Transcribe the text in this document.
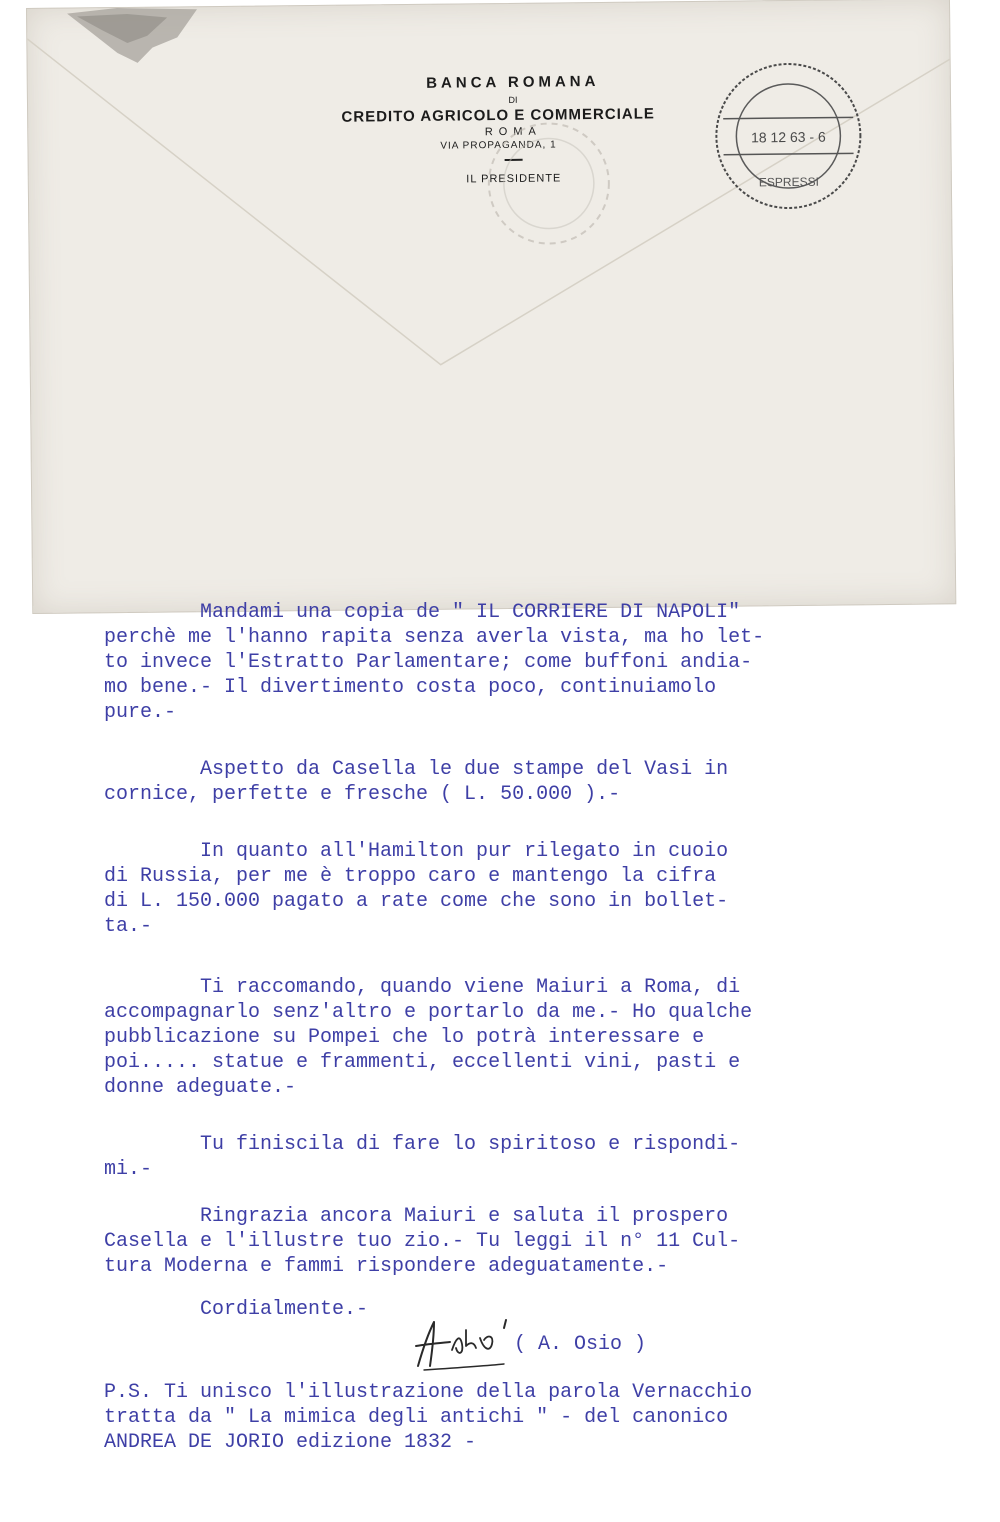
BANCA ROMANA
DI
CREDITO AGRICOLO E COMMERCIALE
ROMA
VIA PROPAGANDA, 1
IL PRESIDENTE
18 12 63 - 6
ESPRESSI

Mandami una copia de " IL CORRIERE DI NAPOLI"

perchè me l'hanno rapita senza averla vista, ma ho let-

to invece l'Estratto Parlamentare; come buffoni andia-

mo bene.- Il divertimento costa poco, continuiamolo

pure.-

Aspetto da Casella le due stampe del Vasi in

cornice, perfette e fresche ( L. 50.000 ).-

In quanto all'Hamilton pur rilegato in cuoio

di Russia, per me è troppo caro e mantengo la cifra

di L. 150.000 pagato a rate come che sono in bollet-

ta.-

Ti raccomando, quando viene Maiuri a Roma, di

accompagnarlo senz'altro e portarlo da me.- Ho qualche

pubblicazione su Pompei che lo potrà interessare e

poi..... statue e frammenti, eccellenti vini, pasti e

donne adeguate.-

Tu finiscila di fare lo spiritoso e rispondi-

mi.-

Ringrazia ancora Maiuri e saluta il prospero

Casella e l'illustre tuo zio.- Tu leggi il n° 11 Cul-

tura Moderna e fammi rispondere adeguatamente.-

Cordialmente.-

( A. Osio )

P.S. Ti unisco l'illustrazione della parola Vernacchio

tratta da " La mimica degli antichi " - del canonico

ANDREA DE JORIO edizione 1832 -
